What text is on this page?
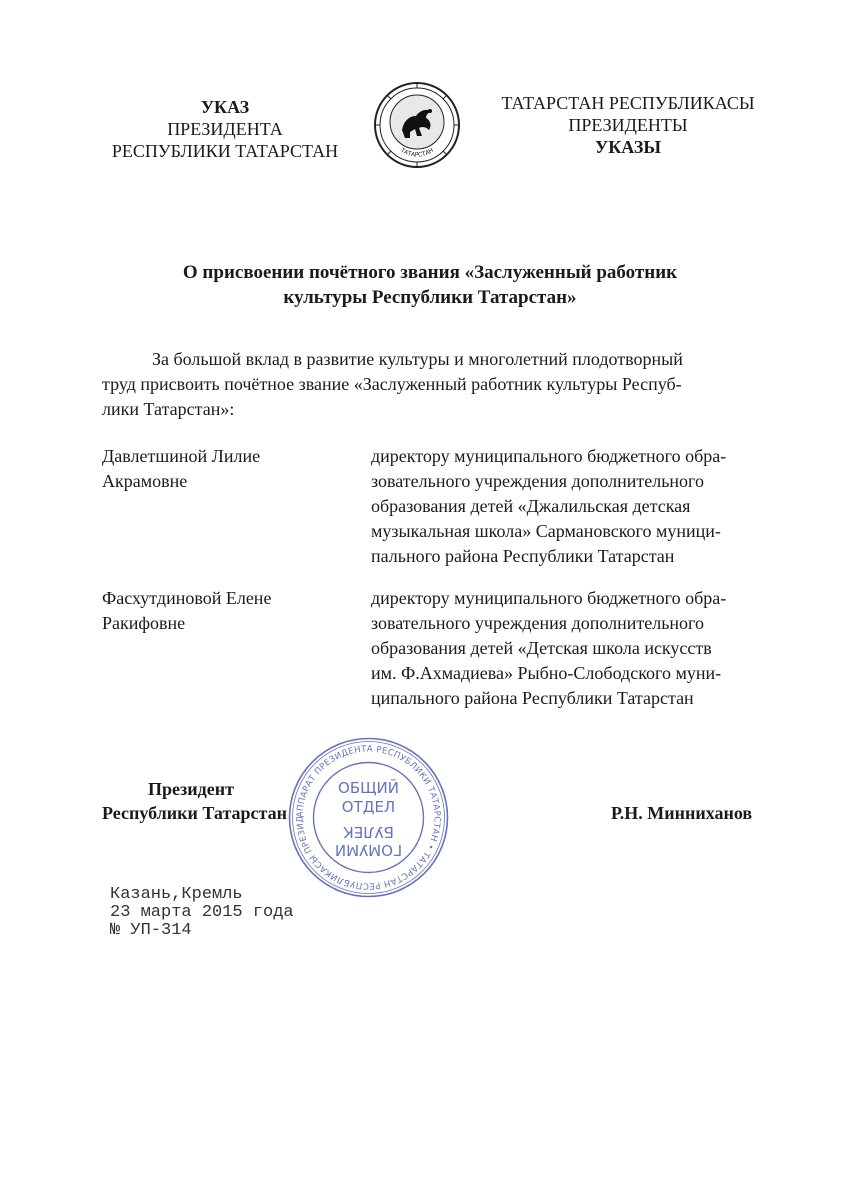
УКАЗ
ПРЕЗИДЕНТА
РЕСПУБЛИКИ ТАТАРСТАН	ТАТАРСТАН
ТАТАРСТАН РЕСПУБЛИКАСЫ
ПРЕЗИДЕНТЫ
УКАЗЫ
О присвоении почётного звания «Заслуженный работник
культуры Республики Татарстан»
За большой вклад в развитие культуры и многолетний плодотворный
труд присвоить почётное звание «Заслуженный работник культуры Респуб-
лики Татарстан»:
Давлетшиной Лилие
Акрамовне
директору муниципального бюджетного обра-
зовательного учреждения дополнительного
образования детей «Джалильская детская
музыкальная школа» Сармановского муници-
пального района Республики Татарстан
Фасхутдиновой Елене
Ракифовне
директору муниципального бюджетного обра-
зовательного учреждения дополнительного
образования детей «Детская школа искусств
им. Ф.Ахмадиева» Рыбно-Слободского муни-
ципального района Республики Татарстан
АППАРАТ ПРЕЗИДЕНТА РЕСПУБЛИКИ ТАТАРСТАН • ТАТАРСТАН РЕСПУБЛИКАСЫ ПРЕЗИД
ОБЩИЙ
ОТДЕЛ
БУЛЕК
ГОМУМИ
Президент
Республики Татарстан	Р.Н. Минниханов
Казань,Кремль
23 марта 2015 года
№ УП-314
